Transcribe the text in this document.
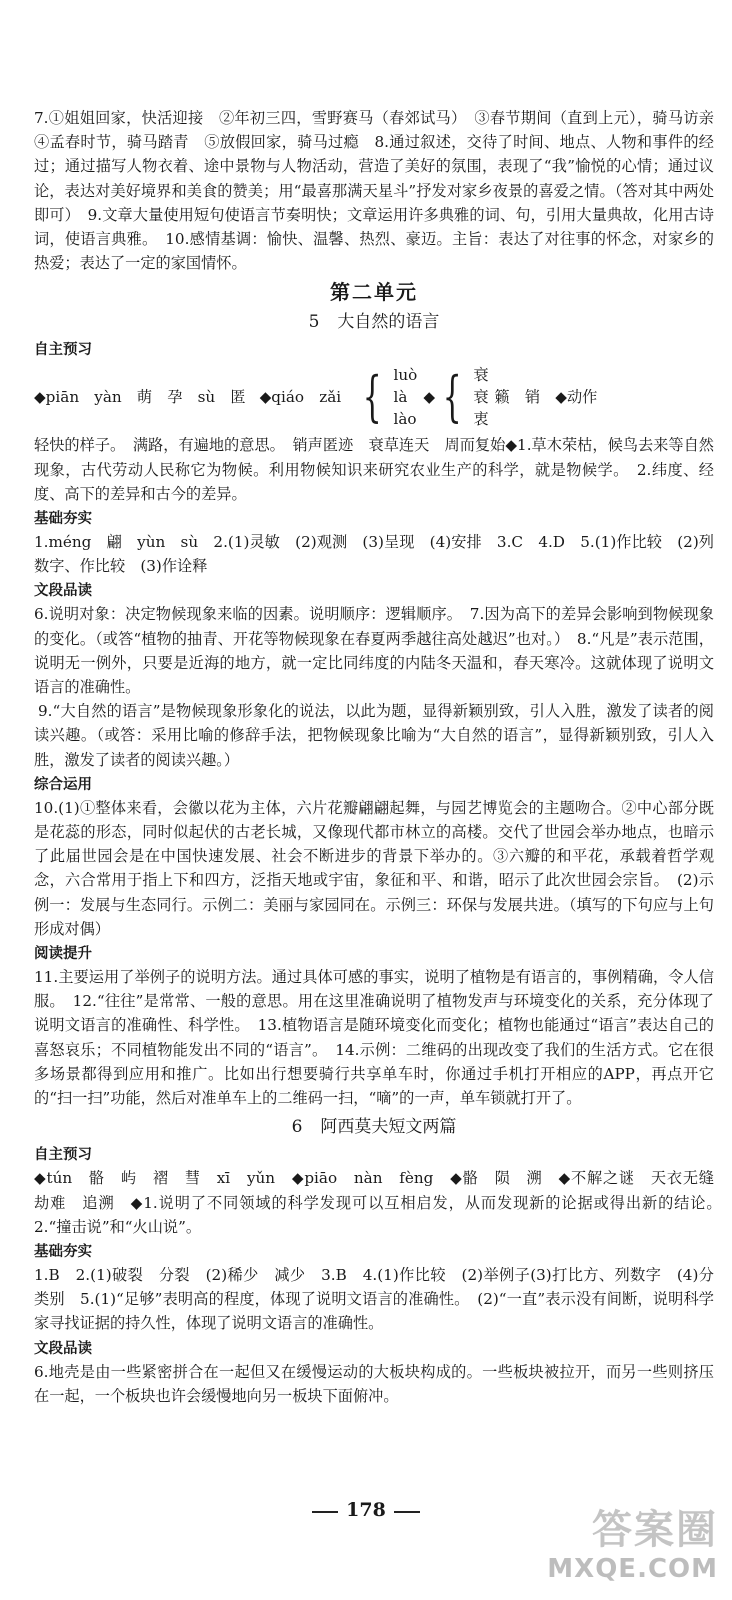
7.①姐姐回家，快活迎接　②年初三四，雪野赛马（春郊试马）　③春节期间（直到上元），骑马访亲　④孟春时节，骑马踏青　⑤放假回家，骑马过瘾　8.通过叙述，交待了时间、地点、人物和事件的经过；通过描写人物衣着、途中景物与人物活动，营造了美好的氛围，表现了“我”愉悦的心情；通过议论，表达对美好境界和美食的赞美；用“最喜那满天星斗”抒发对家乡夜景的喜爱之情。（答对其中两处即可）　9.文章大量使用短句使语言节奏明快；文章运用许多典雅的词、句，引用大量典故，化用古诗词，使语言典雅。　10.感情基调：愉快、温馨、热烈、豪迈。主旨：表达了对往事的怀念，对家乡的热爱；表达了一定的家国情怀。

第二单元
5 大自然的语言
自主预习
◆piān　yàn　萌　孕　sù　匿 ◆qiáo　zǎi { luò
là
lào
◆ { 衰
衰
衷
籁　销　◆动作

轻快的样子。　满路，有遍地的意思。　销声匿迹　衰草连天　周而复始◆1.草木荣枯，候鸟去来等自然现象，古代劳动人民称它为物候。利用物候知识来研究农业生产的科学，就是物候学。　2.纬度、经度、高下的差异和古今的差异。

基础夯实

1.méng　翩　yùn　sù　2.(1)灵敏　(2)观测　(3)呈现　(4)安排　3.C　4.D　5.(1)作比较　(2)列数字、作比较　(3)作诠释

文段品读

6.说明对象：决定物候现象来临的因素。说明顺序：逻辑顺序。　7.因为高下的差异会影响到物候现象的变化。（或答“植物的抽青、开花等物候现象在春夏两季越往高处越迟”也对。）　8.“凡是”表示范围，说明无一例外，只要是近海的地方，就一定比同纬度的内陆冬天温和，春天寒冷。这就体现了说明文语言的准确性。

9.“大自然的语言”是物候现象形象化的说法，以此为题，显得新颖别致，引人入胜，激发了读者的阅读兴趣。（或答：采用比喻的修辞手法，把物候现象比喻为“大自然的语言”，显得新颖别致，引人入胜，激发了读者的阅读兴趣。）

综合运用

10.(1)①整体来看，会徽以花为主体，六片花瓣翩翩起舞，与园艺博览会的主题吻合。②中心部分既是花蕊的形态，同时似起伏的古老长城，又像现代都市林立的高楼。交代了世园会举办地点，也暗示了此届世园会是在中国快速发展、社会不断进步的背景下举办的。③六瓣的和平花，承载着哲学观念，六合常用于指上下和四方，泛指天地或宇宙，象征和平、和谐，昭示了此次世园会宗旨。　(2)示例一：发展与生态同行。示例二：美丽与家园同在。示例三：环保与发展共进。（填写的下句应与上句形成对偶）

阅读提升

11.主要运用了举例子的说明方法。通过具体可感的事实，说明了植物是有语言的，事例精确，令人信服。　12.“往往”是常常、一般的意思。用在这里准确说明了植物发声与环境变化的关系，充分体现了说明文语言的准确性、科学性。　13.植物语言是随环境变化而变化；植物也能通过“语言”表达自己的喜怒哀乐；不同植物能发出不同的“语言”。　14.示例：二维码的出现改变了我们的生活方式。它在很多场景都得到应用和推广。比如出行想要骑行共享单车时，你通过手机打开相应的APP，再点开它的“扫一扫”功能，然后对准单车上的二维码一扫，“嘀”的一声，单车锁就打开了。

6 阿西莫夫短文两篇
自主预习

◆tún　骼　屿　褶　彗　xī　yǔn　◆piāo　nàn　fèng　◆骼　陨　溯　◆不解之谜　天衣无缝　劫难　追溯　◆1.说明了不同领域的科学发现可以互相启发，从而发现新的论据或得出新的结论。　2.“撞击说”和“火山说”。

基础夯实

1.B　2.(1)破裂　分裂　(2)稀少　减少　3.B　4.(1)作比较　(2)举例子(3)打比方、列数字　(4)分类别　5.(1)“足够”表明高的程度，体现了说明文语言的准确性。　(2)“一直”表示没有间断，说明科学家寻找证据的持久性，体现了说明文语言的准确性。

文段品读

6.地壳是由一些紧密拼合在一起但又在缓慢运动的大板块构成的。一些板块被拉开，而另一些则挤压在一起，一个板块也许会缓慢地向另一板块下面俯冲。

178	答案圈
MXQE.COM
